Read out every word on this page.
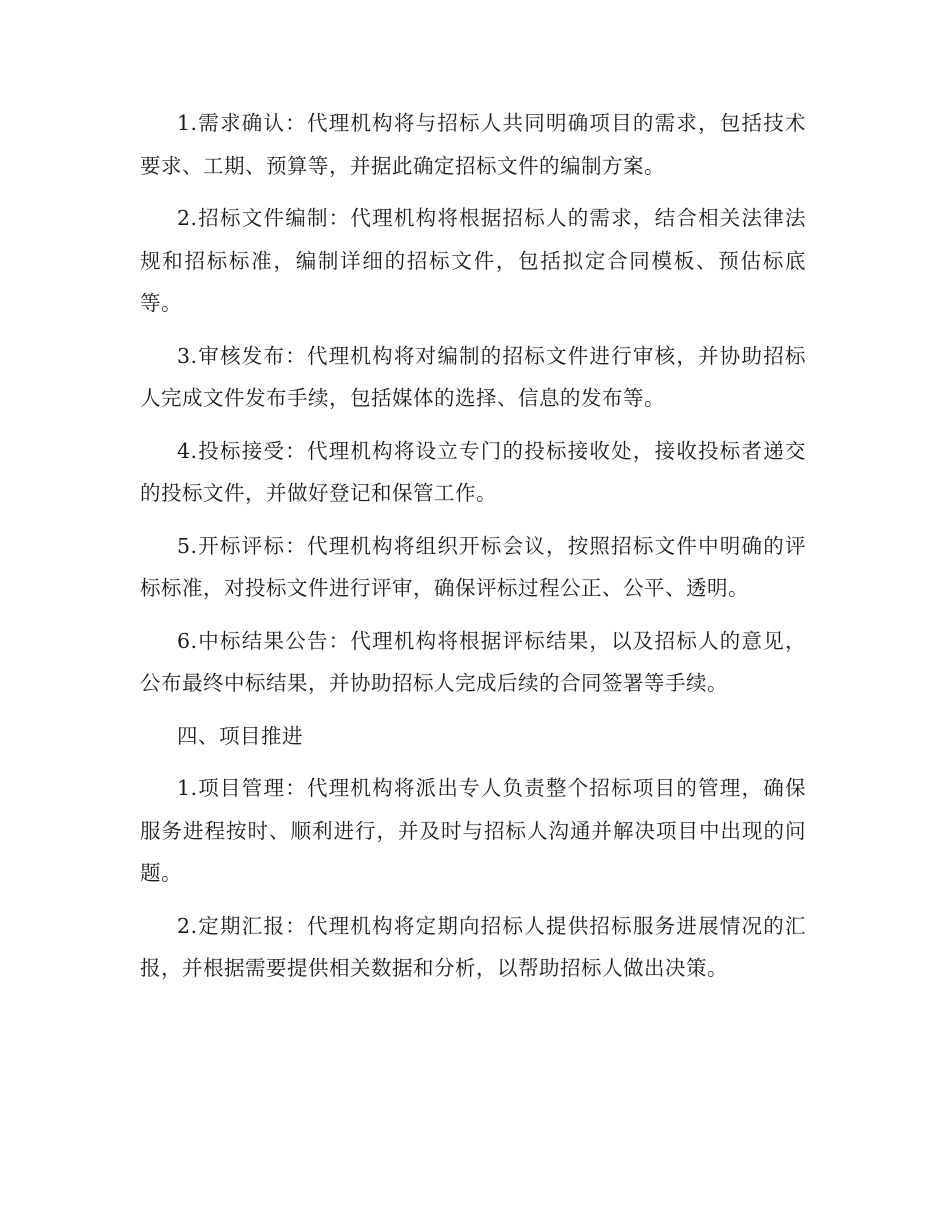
1.需求确认：代理机构将与招标人共同明确项目的需求，包括技术要求、工期、预算等，并据此确定招标文件的编制方案。

2.招标文件编制：代理机构将根据招标人的需求，结合相关法律法规和招标标准，编制详细的招标文件，包括拟定合同模板、预估标底等。

3.审核发布：代理机构将对编制的招标文件进行审核，并协助招标人完成文件发布手续，包括媒体的选择、信息的发布等。

4.投标接受：代理机构将设立专门的投标接收处，接收投标者递交的投标文件，并做好登记和保管工作。

5.开标评标：代理机构将组织开标会议，按照招标文件中明确的评标标准，对投标文件进行评审，确保评标过程公正、公平、透明。

6.中标结果公告：代理机构将根据评标结果，以及招标人的意见，公布最终中标结果，并协助招标人完成后续的合同签署等手续。

四、项目推进

1.项目管理：代理机构将派出专人负责整个招标项目的管理，确保服务进程按时、顺利进行，并及时与招标人沟通并解决项目中出现的问题。

2.定期汇报：代理机构将定期向招标人提供招标服务进展情况的汇报，并根据需要提供相关数据和分析，以帮助招标人做出决策。
